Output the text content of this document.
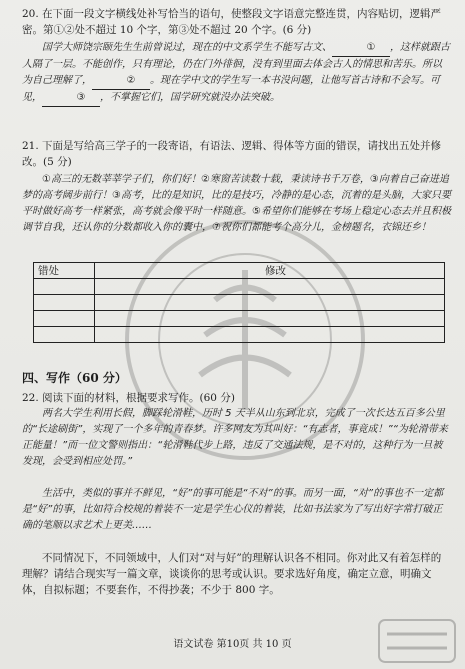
20. 在下面一段文字横线处补写恰当的语句，使整段文字语意完整连贯，内容贴切，逻辑严密。第①②处不超过 10 个字，第③处不超过 20 个字。(6 分)
国学大师饶宗颐先生生前曾说过，现在的中文系学生不能写古文、	① ，这样就跟古人隔了一层。不能创作，只有理论，仍在门外徘徊，没有到里面去体会古人的情思和苦乐。所以为自己理解了，	② 。现在学中文的学生写一本书没问题，让他写首古诗和不会写。可见，	③ ，不掌握它们，国学研究就没办法突破。
21. 下面是写给高三学子的一段寄语，有语法、逻辑、得体等方面的错误，请找出五处并修改。(5 分)
①高三的无数莘莘学子们，你们好！②寒窗苦读数十载，秉读诗书千万卷，③向着自己奋进追梦的高考阔步前行！③高考，比的是知识，比的是技巧，冷静的是心态，沉着的是头脑，大家只要平时做好高考一样紧张，高考就会像平时一样随意。⑤希望你们能够在考场上稳定心态去并且积极调节自我，还认你的分数都收入你的囊中，⑦祝你们都能考个高分儿，金榜题名，衣锦还乡！
错处	修改

四、写作（60 分）
22. 阅读下面的材料，根据要求写作。(60 分)
两名大学生利用长假，脚踩轮滑鞋，历时 5 天半从山东到北京，完成了一次长达五百多公里的“长途刷街”，实现了一个多年的青春梦。许多网友为其叫好：“有志者，事竟成！”“为轮滑带来正能量！”而一位文警则指出：“轮滑鞋代步上路，违反了交通法规，是不对的，这种行为一旦被发现，会受到相应处罚。”
生活中，类似的事并不鲜见，“好”的事可能是“不对”的事。而另一面，“对”的事也不一定都是“好”的事，比如符合校规的着装不一定是学生心仪的着装，比如书法家为了写出好字常打破正确的笔顺以求艺术上更美……
不同情况下，不同领域中，人们对“对与好”的理解认识各不相同。你对此又有着怎样的理解？请结合现实写一篇文章，谈谈你的思考或认识。要求选好角度，确定立意，明确文体，自拟标题；不要套作，不得抄袭；不少于 800 字。
语文试卷 第10页 共 10 页
